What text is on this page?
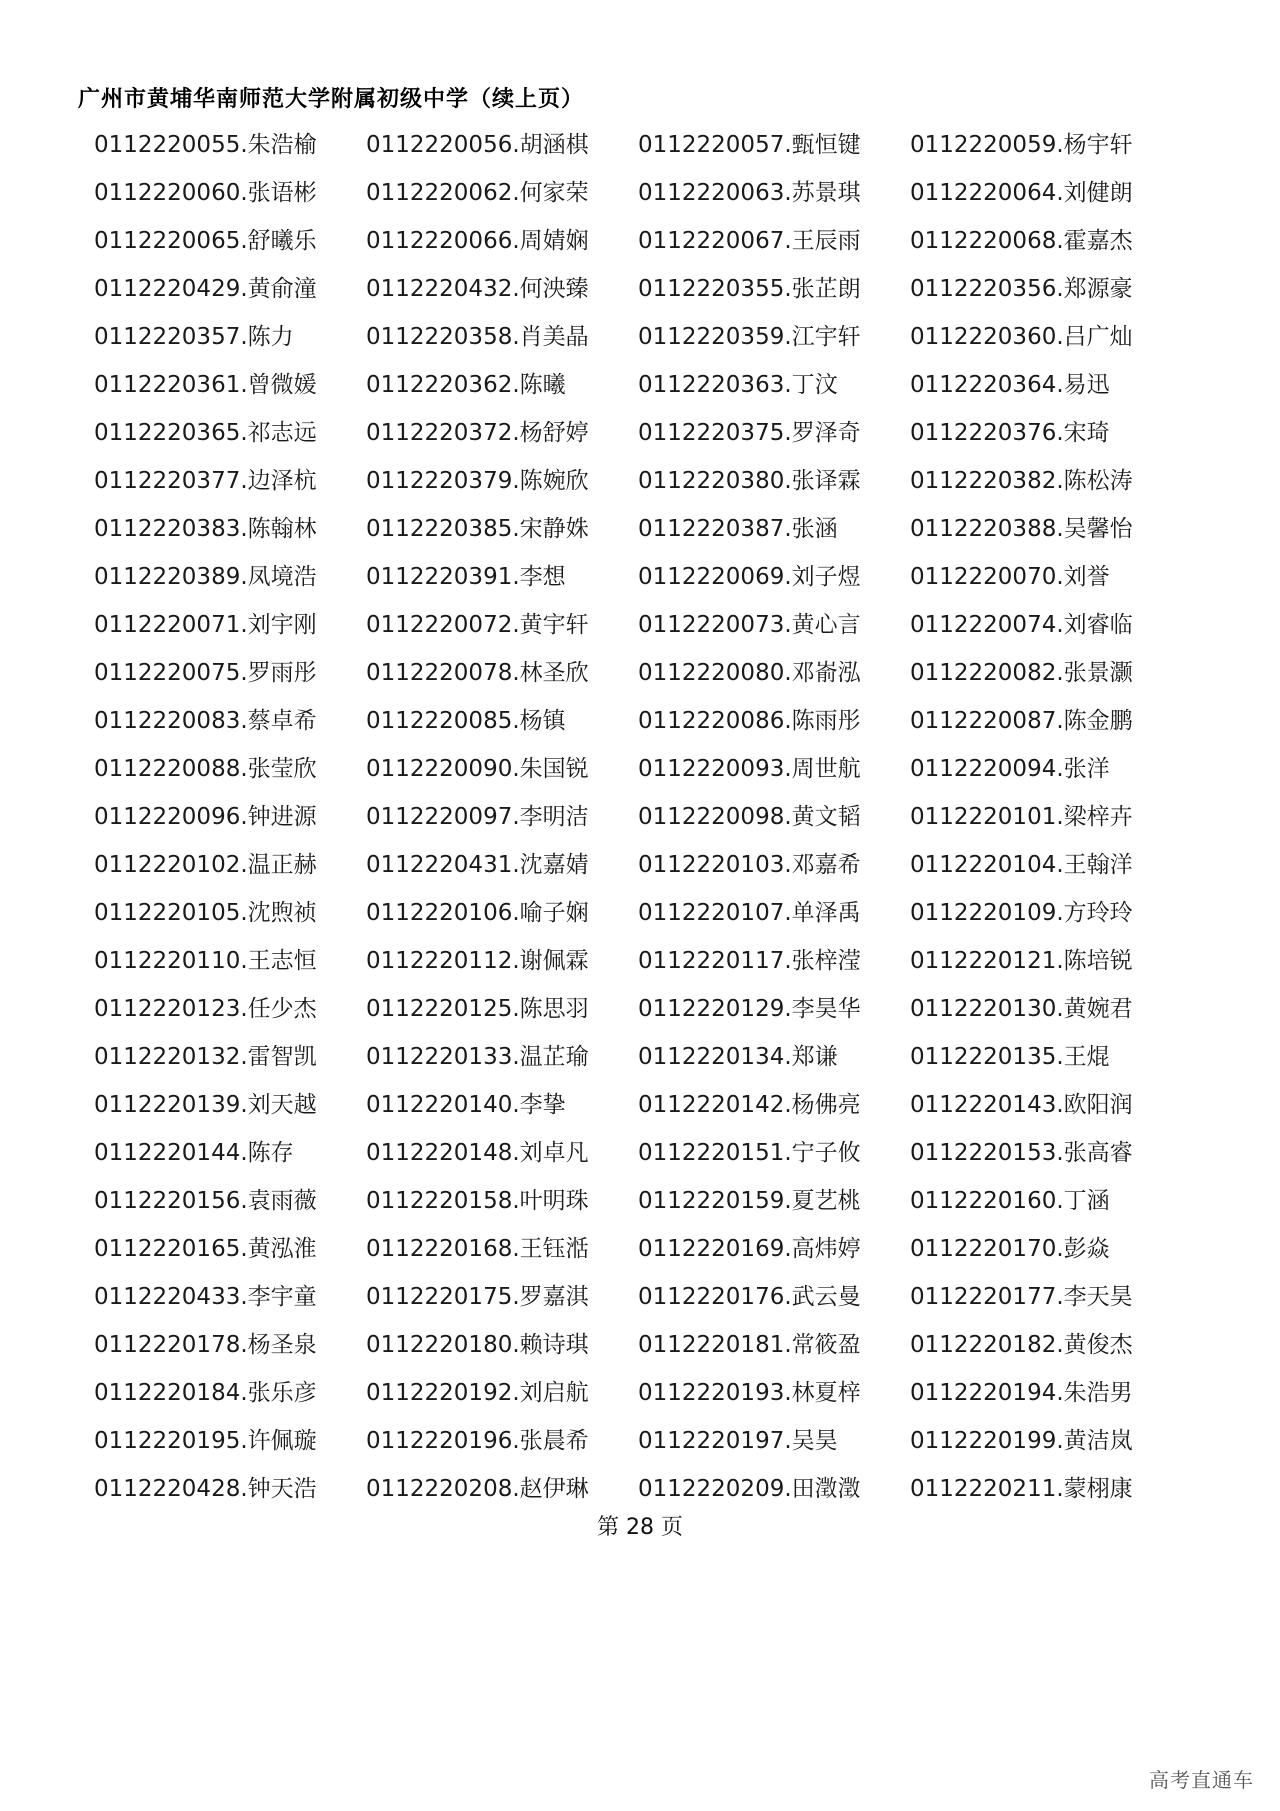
广州市黄埔华南师范大学附属初级中学（续上页）
0112220055.朱浩榆	0112220056.胡涵棋	0112220057.甄恒键	0112220059.杨宇轩
0112220060.张语彬	0112220062.何家荣	0112220063.苏景琪	0112220064.刘健朗
0112220065.舒曦乐	0112220066.周婧娴	0112220067.王辰雨	0112220068.霍嘉杰
0112220429.黄俞潼	0112220432.何泱臻	0112220355.张芷朗	0112220356.郑源豪
0112220357.陈力	0112220358.肖美晶	0112220359.江宇轩	0112220360.吕广灿
0112220361.曾微媛	0112220362.陈曦	0112220363.丁汶	0112220364.易迅
0112220365.祁志远	0112220372.杨舒婷	0112220375.罗泽奇	0112220376.宋琦
0112220377.边泽杭	0112220379.陈婉欣	0112220380.张译霖	0112220382.陈松涛
0112220383.陈翰林	0112220385.宋静姝	0112220387.张涵	0112220388.吴馨怡
0112220389.凤境浩	0112220391.李想	0112220069.刘子煜	0112220070.刘誉
0112220071.刘宇刚	0112220072.黄宇轩	0112220073.黄心言	0112220074.刘睿临
0112220075.罗雨彤	0112220078.林圣欣	0112220080.邓嵛泓	0112220082.张景灏
0112220083.蔡卓希	0112220085.杨镇	0112220086.陈雨彤	0112220087.陈金鹏
0112220088.张莹欣	0112220090.朱国锐	0112220093.周世航	0112220094.张洋
0112220096.钟进源	0112220097.李明洁	0112220098.黄文韬	0112220101.梁梓卉
0112220102.温正赫	0112220431.沈嘉婧	0112220103.邓嘉希	0112220104.王翰洋
0112220105.沈煦祯	0112220106.喻子娴	0112220107.单泽禹	0112220109.方玲玲
0112220110.王志恒	0112220112.谢佩霖	0112220117.张梓滢	0112220121.陈培锐
0112220123.任少杰	0112220125.陈思羽	0112220129.李昊华	0112220130.黄婉君
0112220132.雷智凯	0112220133.温芷瑜	0112220134.郑谦	0112220135.王焜
0112220139.刘天越	0112220140.李挚	0112220142.杨佛亮	0112220143.欧阳润
0112220144.陈存	0112220148.刘卓凡	0112220151.宁子攸	0112220153.张高睿
0112220156.袁雨薇	0112220158.叶明珠	0112220159.夏艺桃	0112220160.丁涵
0112220165.黄泓淮	0112220168.王钰湉	0112220169.高炜婷	0112220170.彭焱
0112220433.李宇童	0112220175.罗嘉淇	0112220176.武云曼	0112220177.李天昊
0112220178.杨圣泉	0112220180.赖诗琪	0112220181.常筱盈	0112220182.黄俊杰
0112220184.张乐彦	0112220192.刘启航	0112220193.林夏梓	0112220194.朱浩男
0112220195.许佩璇	0112220196.张晨希	0112220197.吴昊	0112220199.黄洁岚
0112220428.钟天浩	0112220208.赵伊琳	0112220209.田澂澂	0112220211.蒙栩康
第 28 页
高考直通车
